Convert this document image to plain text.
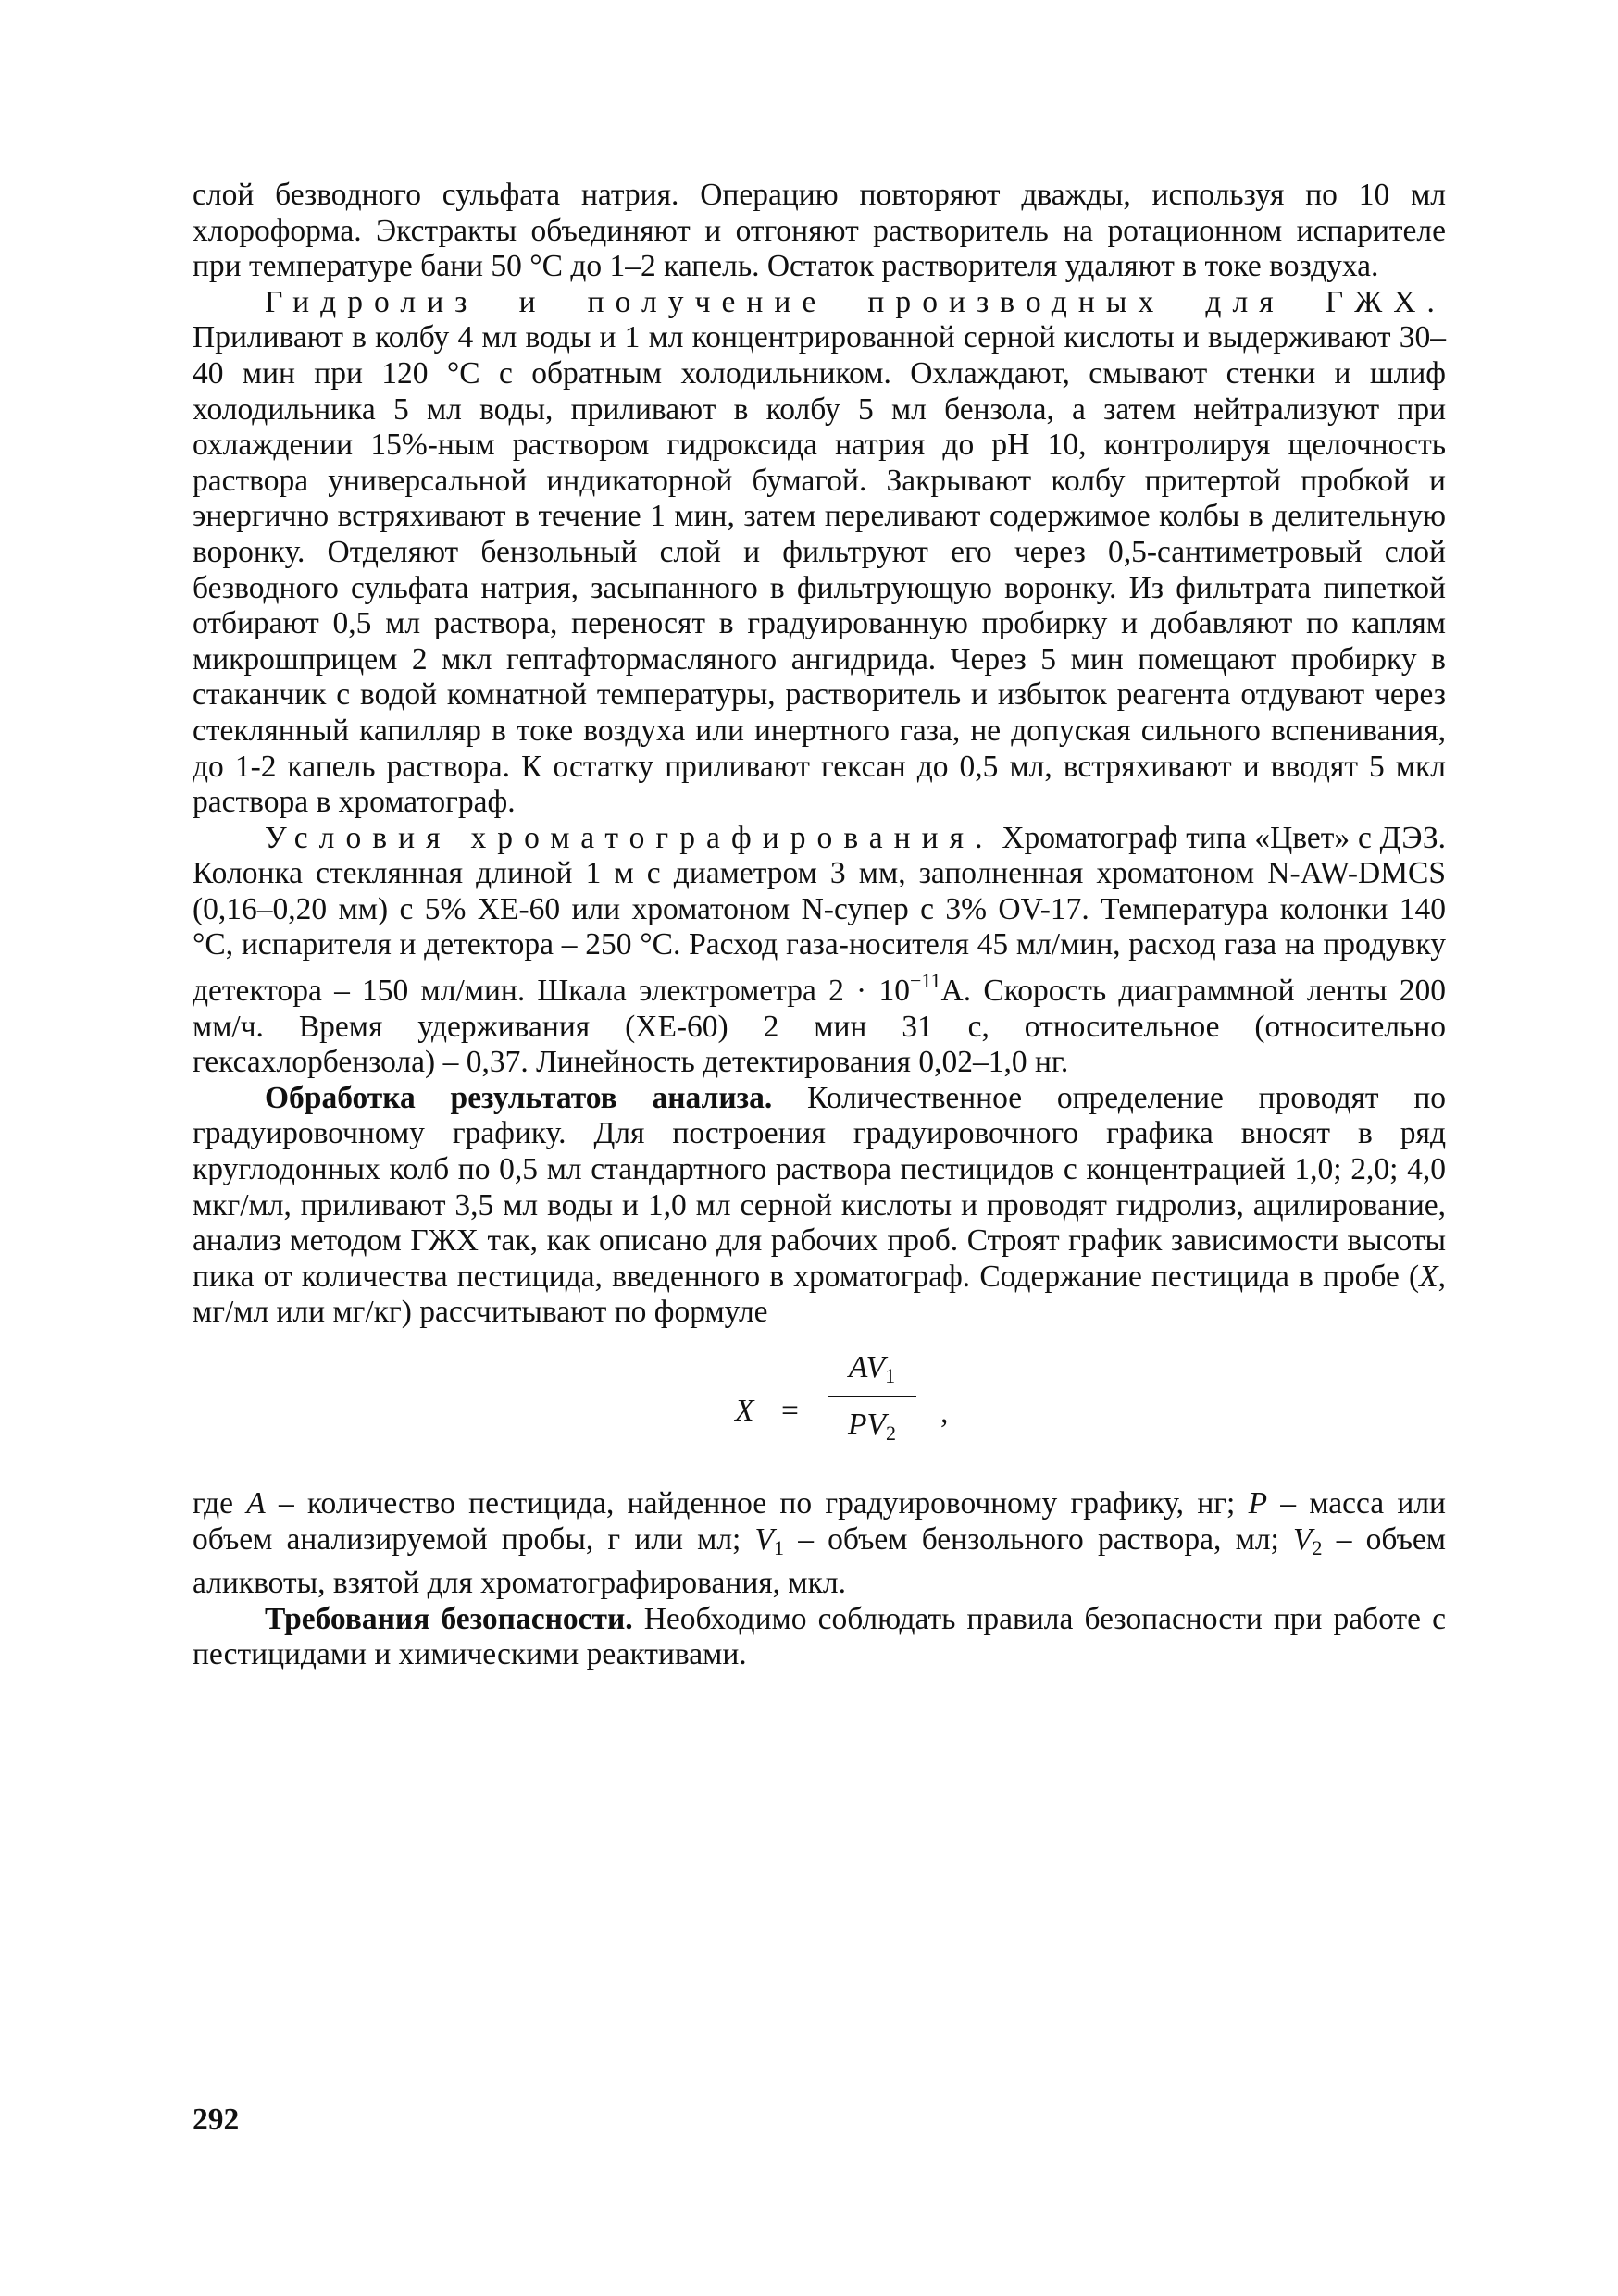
слой безводного сульфата натрия. Операцию повторяют дважды, используя по 10 мл хлороформа. Экстракты объединяют и отгоняют растворитель на ротационном испарителе при температуре бани 50 °С до 1–2 капель. Остаток растворителя удаляют в токе воздуха.

Гидролиз и получение производных для ГЖХ. Приливают в колбу 4 мл воды и 1 мл концентрированной серной кислоты и выдерживают 30–40 мин при 120 °С с обратным холодильником. Охлаждают, смывают стенки и шлиф холодильника 5 мл воды, приливают в колбу 5 мл бензола, а затем нейтрализуют при охлаждении 15%-ным раствором гидроксида натрия до рН 10, контролируя щелочность раствора универсальной индикаторной бумагой. Закрывают колбу притертой пробкой и энергично встряхивают в течение 1 мин, затем переливают содержимое колбы в делительную воронку. Отделяют бензольный слой и фильтруют его через 0,5-сантиметровый слой безводного сульфата натрия, засыпанного в фильтрующую воронку. Из фильтрата пипеткой отбирают 0,5 мл раствора, переносят в градуированную пробирку и добавляют по каплям микрошприцем 2 мкл гептафтормасляного ангидрида. Через 5 мин помещают пробирку в стаканчик с водой комнатной температуры, растворитель и избыток реагента отдувают через стеклянный капилляр в токе воздуха или инертного газа, не допуская сильного вспенивания, до 1-2 капель раствора. К остатку приливают гексан до 0,5 мл, встряхивают и вводят 5 мкл раствора в хроматограф.

Условия хроматографирования. Хроматограф типа «Цвет» с ДЭЗ. Колонка стеклянная длиной 1 м с диаметром 3 мм, заполненная хроматоном N-AW-DMCS (0,16–0,20 мм) с 5% XE-60 или хроматоном N-супер с 3% OV-17. Температура колонки 140 °С, испарителя и детектора – 250 °С. Расход газа-носителя 45 мл/мин, расход газа на продувку детектора – 150 мл/мин. Шкала электрометра $2 \cdot 10^{-11}А$. Скорость диаграммной ленты 200 мм/ч. Время удерживания (XE-60) 2 мин 31 с, относительное (относительно гексахлорбензола) – 0,37. Линейность детектирования 0,02–1,0 нг.

Обработка результатов анализа. Количественное определение проводят по градуировочному графику. Для построения градуировочного графика вносят в ряд круглодонных колб по 0,5 мл стандартного раствора пестицидов с концентрацией 1,0; 2,0; 4,0 мкг/мл, приливают 3,5 мл воды и 1,0 мл серной кислоты и проводят гидролиз, ацилирование, анализ методом ГЖХ так, как описано для рабочих проб. Строят график зависимости высоты пика от количества пестицида, введенного в хроматограф. Содержание пестицида в пробе (X, мг/мл или мг/кг) рассчитывают по формуле

X =
$AV_1$
$PV_2$
,

где A – количество пестицида, найденное по градуировочному графику, нг; P – масса или объем анализируемой пробы, г или мл; $V_1$ – объем бензольного раствора, мл; $V_2$ – объем аликвоты, взятой для хроматографирования, мкл.

Требования безопасности. Необходимо соблюдать правила безопасности при работе с пестицидами и химическими реактивами.

292
